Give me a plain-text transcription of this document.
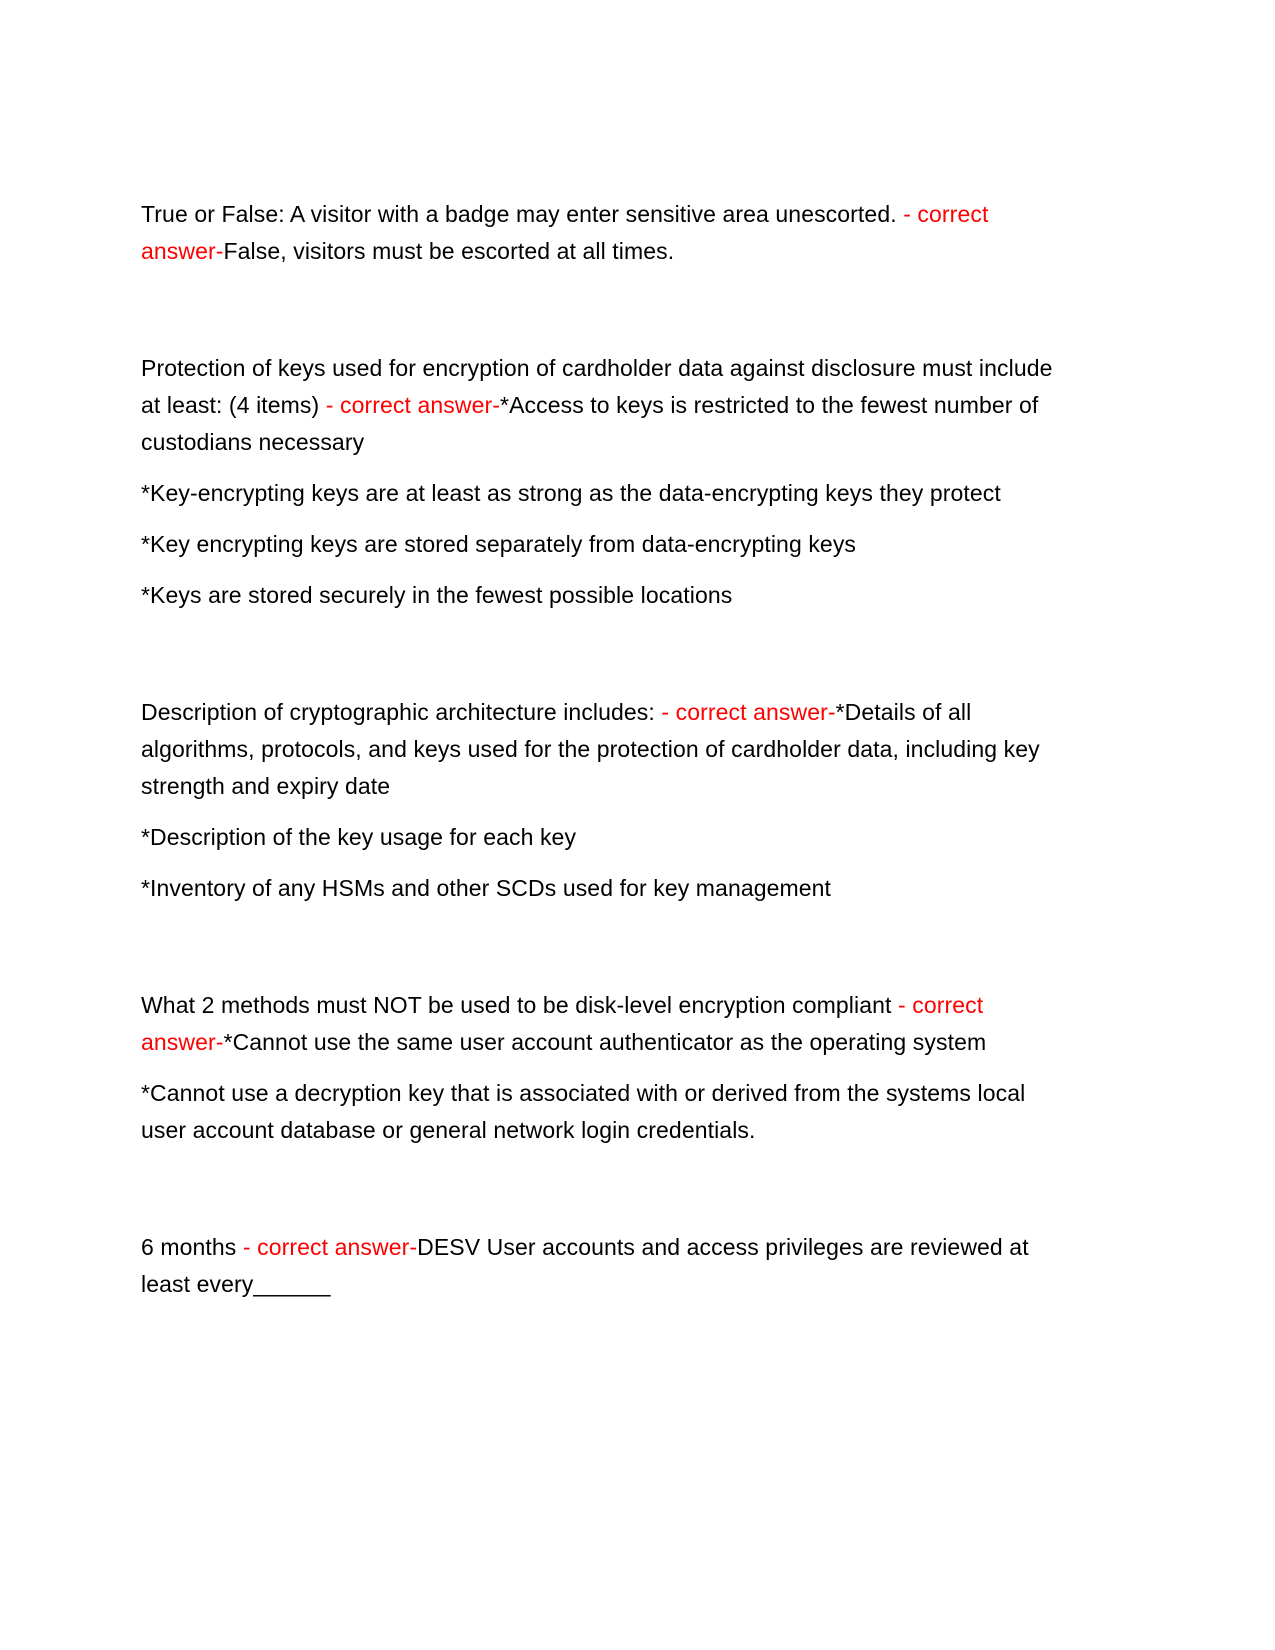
True or False: A visitor with a badge may enter sensitive area unescorted. - correct answer-False, visitors must be escorted at all times.

Protection of keys used for encryption of cardholder data against disclosure must include at least: (4 items) - correct answer-*Access to keys is restricted to the fewest number of custodians necessary

*Key-encrypting keys are at least as strong as the data-encrypting keys they protect

*Key encrypting keys are stored separately from data-encrypting keys

*Keys are stored securely in the fewest possible locations

Description of cryptographic architecture includes: - correct answer-*Details of all algorithms, protocols, and keys used for the protection of cardholder data, including key strength and expiry date

*Description of the key usage for each key

*Inventory of any HSMs and other SCDs used for key management

What 2 methods must NOT be used to be disk-level encryption compliant - correct answer-*Cannot use the same user account authenticator as the operating system

*Cannot use a decryption key that is associated with or derived from the systems local user account database or general network login credentials.

6 months - correct answer-DESV User accounts and access privileges are reviewed at least every______
